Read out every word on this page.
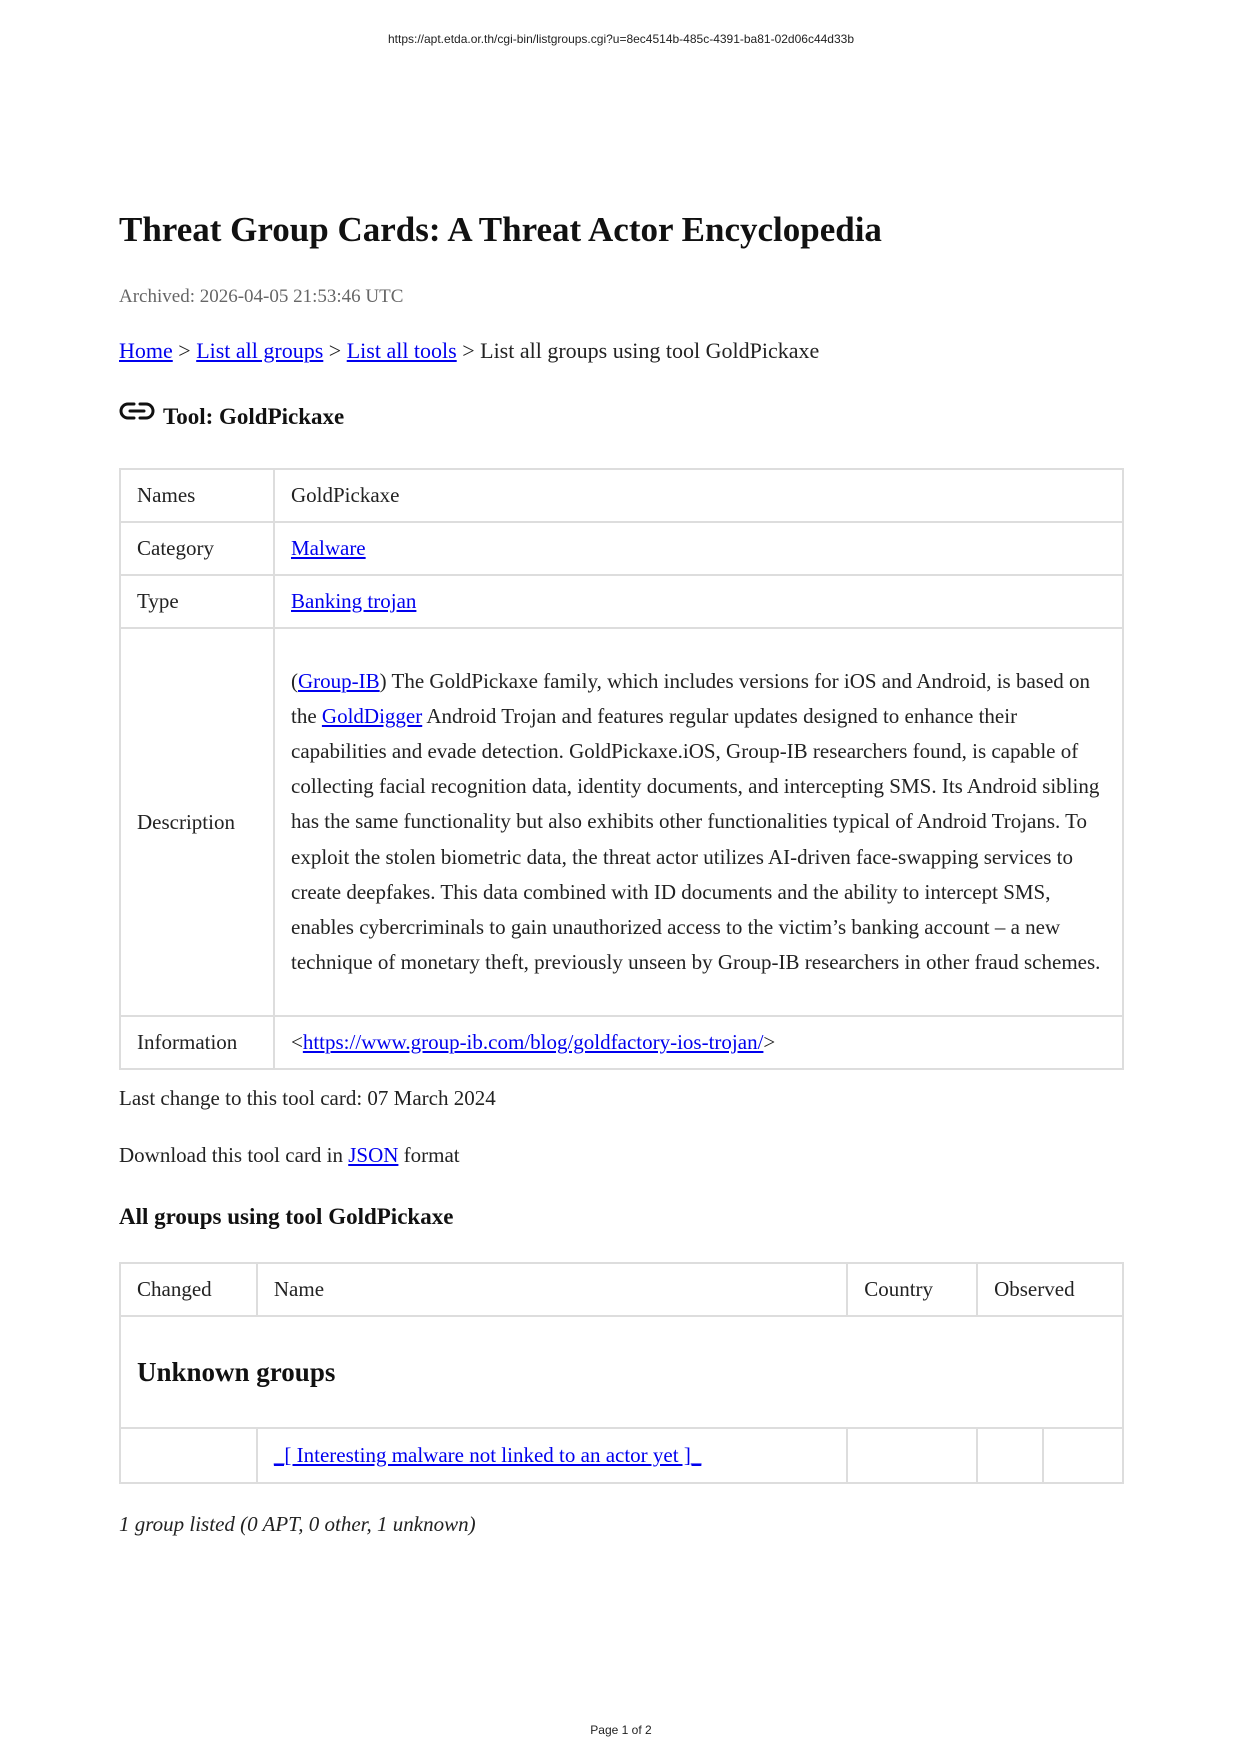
https://apt.etda.or.th/cgi-bin/listgroups.cgi?u=8ec4514b-485c-4391-ba81-02d06c44d33b
Threat Group Cards: A Threat Actor Encyclopedia
Archived: 2026-04-05 21:53:46 UTC
Home > List all groups > List all tools > List all groups using tool GoldPickaxe
Tool: GoldPickaxe
Names	GoldPickaxe
Category	Malware
Type	Banking trojan
Description	(Group-IB) The GoldPickaxe family, which includes versions for iOS and Android, is based on the GoldDigger Android Trojan and features regular updates designed to enhance their capabilities and evade detection. GoldPickaxe.iOS, Group-IB researchers found, is capable of collecting facial recognition data, identity documents, and intercepting SMS. Its Android sibling has the same functionality but also exhibits other functionalities typical of Android Trojans. To exploit the stolen biometric data, the threat actor utilizes AI-driven face-swapping services to create deepfakes. This data combined with ID documents and the ability to intercept SMS, enables cybercriminals to gain unauthorized access to the victim’s banking account – a new technique of monetary theft, previously unseen by Group-IB researchers in other fraud schemes.
Information	<https://www.group-ib.com/blog/goldfactory-ios-trojan/>
Last change to this tool card: 07 March 2024
Download this tool card in JSON format
All groups using tool GoldPickaxe
Changed	Name	Country	Observed	
Unknown groups				
	_[ Interesting malware not linked to an actor yet ]_			
1 group listed (0 APT, 0 other, 1 unknown)
Page 1 of 2
